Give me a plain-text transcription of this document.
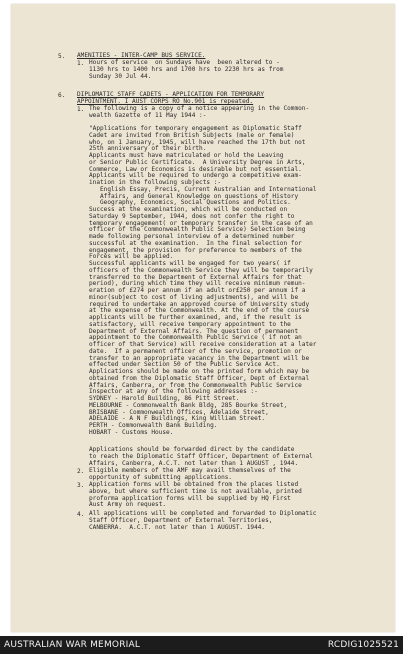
5. AMENITIES - INTER-CAMP BUS SERVICE.
1. Hours of service  on Sundays have  been altered to -
1130 hrs to 1400 hrs and 1700 hrs to 2230 hrs as from
Sunday 30 Jul 44.
6. DIPLOMATIC STAFF CADETS - APPLICATION FOR TEMPORARY
APPOINTMENT. I AUST CORPS RO No.901 is repeated.
1. The following is a copy of a notice appearing in the Common-
wealth Gazette of 11 May 1944 :-
"Applications for temporary engagement as Diplomatic Staff
Cadet are invited from British Subjects (male or female)
who, on 1 January, 1945, will have reached the 17th but not
25th anniversary of their birth.
Applicants must have matriculated or hold the Leaving
or Senior Public Certificate.  A University Degree in Arts,
Commerce, Law or Economics is desirable but not essential.
Applicants will be required to undergo a competitive exam-
ination in the following subjects :-
English Essay, Precis, Current Australian and International
Affairs, and General Knowledge on questions of History
Geography, Economics, Social Questions and Politics.
Success at the examination, which will be conducted on
Saturday 9 September, 1944, does not confer the right to
temporary engagement( or temporary transfer in the case of an
officer of the Commonwealth Public Service) Selection being
made following personal interview of a determined number
successful at the examination.  In the final selection for
engagement, the provision for preference to members of the
Forces will be applied.
Successful applicants will be engaged for two years( if
officers of the Commonwealth Service they will be temporarily
transferred to the Department of External Affairs for that
period), during which time they will receive minimum remun-
eration of £274 per annum if an adult or£250 per annum if a
minor(subject to cost of living adjustments), and will be
required to undertake an approved course of University study
at the expense of the Commonwealth. At the end of the course
applicants will be further examined, and, if the result is
satisfactory, will receive temporary appointment to the
Department of External Affairs. The question of permanent
appointment to the Commonwealth Public Service ( if not an
officer of that Service) will receive consideration at a later
date.  If a permanent officer of the service, promotion or
transfer to an appropriate vacancy in the Department will be
effected under Section 50 of the Public Service Act.
Applications should be made on the printed form which may be
obtained from the Diplomatic Staff Officer, Dept of External
Affairs, Canberra, or from the Commonwealth Public Service
Inspector at any of the following addresses :-
SYDNEY - Harold Building, 86 Pitt Street.
MELBOURNE - Commonwealth Bank Bldg, 285 Bourke Street,
BRISBANE - Commonwealth Offices, Adelaide Street,
ADELAIDE - A N F Buildings, King William Street.
PERTH - Commonwealth Bank Building.
HOBART - Customs House.
Applications should be forwarded direct by the candidate
to reach the Diplomatic Staff Officer, Department of External
Affairs, Canberra, A.C.T. not later than 1 AUGUST , 1944.
2. Eligible members of the AMF may avail themselves of the
opportunity of submitting applications.
3. Application forms will be obtained from the places listed
above, but where sufficient time is not available, printed
proforma application forms will be supplied by HQ First
Aust Army on request.
4. All applications will be completed and forwarded to Diplomatic
Staff Officer, Department of External Territories,
CANBERRA.  A.C.T. not later than 1 AUGUST. 1944.
AUSTRALIAN WAR MEMORIAL	RCDIG1025521
